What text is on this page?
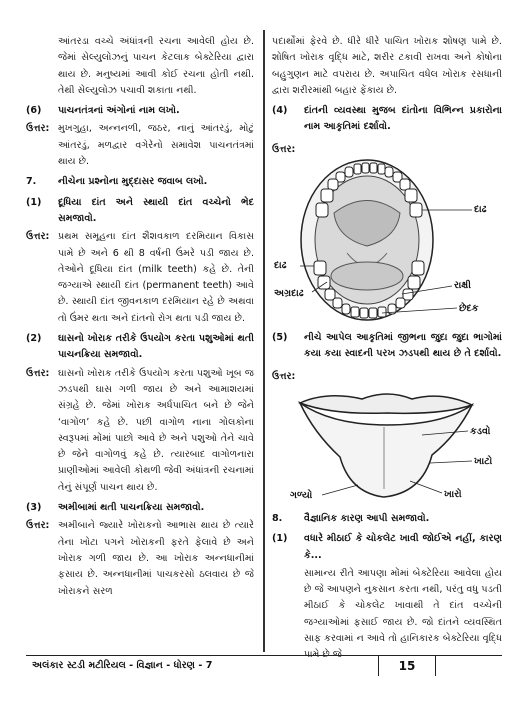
આંતરડા વચ્ચે અંધાંત્રની રચના આવેલી હોય છે. જેમાં સેલ્યુલોઝનું પાચન કેટલાક બેક્ટેરિયા દ્વારા થાય છે. મનુષ્યમાં આવી કોઈ રચના હોતી નથી. તેથી સેલ્યુલોઝ પચાવી શકાતા નથી.

(6)	પાચનતંત્રનાં અંગોનાં નામ લખો.
ઉત્તર: મુખગુહા, અન્નનળી, જઠર, નાનું આંતરડું, મોટું આંતરડું, મળદ્વાર વગેરેનો સમાવેશ પાચનતંત્રમાં થાય છે.
7.	નીચેના પ્રશ્નોના મુદ્દાસર જવાબ લખો.
(1)	દૂધિયા દાંત અને સ્થાયી દાંત વચ્ચેનો ભેદ સમજાવો.
ઉત્તર: પ્રથમ સમૂહના દાંત શૈશવકાળ દરમિયાન વિકાસ પામે છે અને 6 થી 8 વર્ષની ઉંમરે પડી જાય છે. તેઓને દૂધિયા દાંત (milk teeth) કહે છે. તેની જગ્યાએ સ્થાયી દાંત (permanent teeth) આવે છે. સ્થાયી દાંત જીવનકાળ દરમિયાન રહે છે અથવા તો ઉંમર થતા અને દાંતનો રોગ થતા પડી જાય છે.
(2)	ઘાસનો ખોરાક તરીકે ઉપયોગ કરતા પશુઓમાં થતી પાચનક્રિયા સમજાવો.
ઉત્તર: ઘાસનો ખોરાક તરીકે ઉપયોગ કરતા પશુઓ ખૂબ જ ઝડપથી ઘાસ ગળી જાય છે અને આમાશયમાં સંગ્રહે છે. જેમાં ખોરાક અર્ધપાચિત બને છે જેને ‘વાગોળ’ કહે છે. પછી વાગોળ નાના ગોલકોના સ્વરૂપમાં મોંમાં પાછો આવે છે અને પશુઓ તેને ચાવે છે જેને વાગોળવું કહે છે. ત્યારબાદ વાગોળનારા પ્રાણીઓમાં આવેલી કોથળી જેવી અંધાંત્રની રચનામાં તેનું સંપૂર્ણ પાચન થાય છે.
(3)	અમીબામાં થતી પાચનક્રિયા સમજાવો.
ઉત્તર: અમીબાને જ્યારે ખોરાકનો આભાસ થાય છે ત્યારે તેના ખોટા પગને ખોરાકની ફરતે ફેલાવે છે અને ખોરાક ગળી જાય છે. આ ખોરાક અન્નધાનીમાં ફસાય છે. અન્નધાનીમાં પાચકરસો ઠલવાય છે જે ખોરાકને સરળ

પદાર્થોમાં ફેરવે છે. ધીરે ધીરે પાચિત ખોરાક શોષણ પામે છે. શોષિત ખોરાક વૃદ્ધિ માટે, શરીર ટકાવી રાખવા અને કોષોના બહુગુણન માટે વપરાય છે. અપાચિત વધેલ ખોરાક રસધાની દ્વારા શરીરમાંથી બહાર ફેંકાય છે.

(4)	દાંતની વ્યવસ્થા મુજબ દાંતોના વિભિન્ન પ્રકારોના નામ આકૃતિમાં દર્શાવો.
ઉત્તર:
દાઢ
દાઢ
અગ્રદાઢ
રાક્ષી
છેદક
(5)	નીચે આપેલ આકૃતિમાં જીભના જુદા જુદા ભાગોમાં કયા કયા સ્વાદની પરખ ઝડપથી થાય છે તે દર્શાવો.
ઉત્તર:
કડવો
ખાટો
ગળ્યો	ખારો
8.	વૈજ્ઞાનિક કારણ આપી સમજાવો.
(1)	વધારે મીઠાઈ કે ચોકલેટ ખાવી જોઈએ નહીં, કારણ કે...

સામાન્ય રીતે આપણા મોંમાં બેક્ટેરિયા આવેલા હોય છે જે આપણને નુકસાન કરતા નથી, પરંતુ વધુ પડતી મીઠાઈ કે ચોકલેટ ખાવાથી તે દાંત વચ્ચેની જગ્યાઓમાં ફસાઈ જાય છે. જો દાંતને વ્યવસ્થિત સાફ કરવામાં ન આવે તો હાનિકારક બેક્ટેરિયા વૃદ્ધિ પામે છે જે

અલંકાર સ્ટડી મટીરિયલ - વિજ્ઞાન - ધોરણ - 7	15
